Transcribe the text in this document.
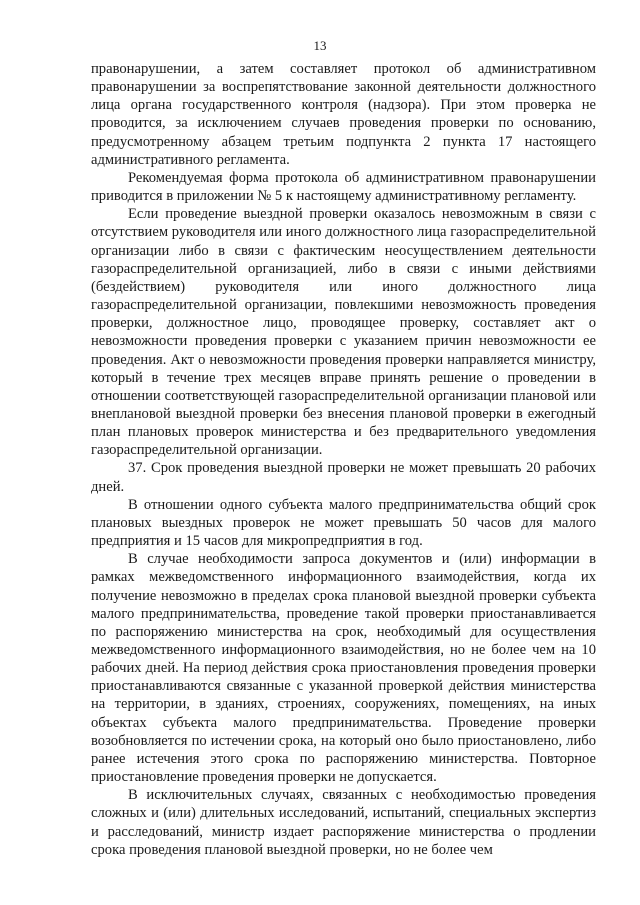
13

правонарушении, а затем составляет протокол об административном правонарушении за воспрепятствование законной деятельности должностного лица органа государственного контроля (надзора). При этом проверка не проводится, за исключением случаев проведения проверки по основанию, предусмотренному абзацем третьим подпункта 2 пункта 17 настоящего административного регламента.

Рекомендуемая форма протокола об административном правонарушении приводится в приложении № 5 к настоящему административному регламенту.

Если проведение выездной проверки оказалось невозможным в связи с отсутствием руководителя или иного должностного лица газораспределительной организации либо в связи с фактическим неосуществлением деятельности газораспределительной организацией, либо в связи с иными действиями (бездействием) руководителя или иного должностного лица газораспределительной организации, повлекшими невозможность проведения проверки, должностное лицо, проводящее проверку, составляет акт о невозможности проведения проверки с указанием причин невозможности ее проведения. Акт о невозможности проведения проверки направляется министру, который в течение трех месяцев вправе принять решение о проведении в отношении соответствующей газораспределительной организации плановой или внеплановой выездной проверки без внесения плановой проверки в ежегодный план плановых проверок министерства и без предварительного уведомления газораспределительной организации.

37. Срок проведения выездной проверки не может превышать 20 рабочих дней.

В отношении одного субъекта малого предпринимательства общий срок плановых выездных проверок не может превышать 50 часов для малого предприятия и 15 часов для микропредприятия в год.

В случае необходимости запроса документов и (или) информации в рамках межведомственного информационного взаимодействия, когда их получение невозможно в пределах срока плановой выездной проверки субъекта малого предпринимательства, проведение такой проверки приостанавливается по распоряжению министерства на срок, необходимый для осуществления межведомственного информационного взаимодействия, но не более чем на 10 рабочих дней. На период действия срока приостановления проведения проверки приостанавливаются связанные с указанной проверкой действия министерства на территории, в зданиях, строениях, сооружениях, помещениях, на иных объектах субъекта малого предпринимательства. Проведение проверки возобновляется по истечении срока, на который оно было приостановлено, либо ранее истечения этого срока по распоряжению министерства. Повторное приостановление проведения проверки не допускается.

В исключительных случаях, связанных с необходимостью проведения сложных и (или) длительных исследований, испытаний, специальных экспертиз и расследований, министр издает распоряжение министерства о продлении срока проведения плановой выездной проверки, но не более чем
